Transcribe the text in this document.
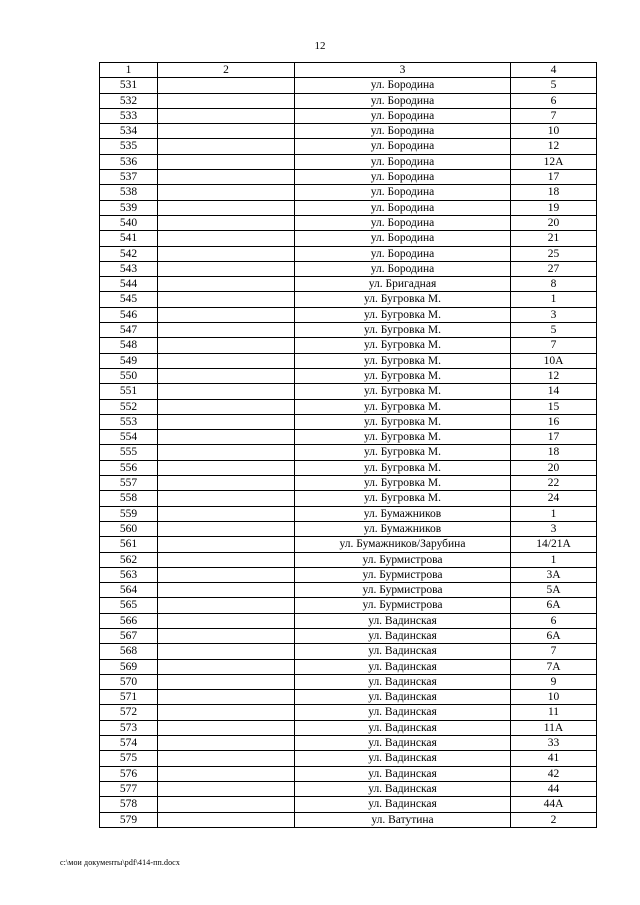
12
1	2	3	4
531		ул. Бородина	5
532		ул. Бородина	6
533		ул. Бородина	7
534		ул. Бородина	10
535		ул. Бородина	12
536		ул. Бородина	12А
537		ул. Бородина	17
538		ул. Бородина	18
539		ул. Бородина	19
540		ул. Бородина	20
541		ул. Бородина	21
542		ул. Бородина	25
543		ул. Бородина	27
544		ул. Бригадная	8
545		ул. Бугровка М.	1
546		ул. Бугровка М.	3
547		ул. Бугровка М.	5
548		ул. Бугровка М.	7
549		ул. Бугровка М.	10А
550		ул. Бугровка М.	12
551		ул. Бугровка М.	14
552		ул. Бугровка М.	15
553		ул. Бугровка М.	16
554		ул. Бугровка М.	17
555		ул. Бугровка М.	18
556		ул. Бугровка М.	20
557		ул. Бугровка М.	22
558		ул. Бугровка М.	24
559		ул. Бумажников	1
560		ул. Бумажников	3
561		ул. Бумажников/Зарубина	14/21А
562		ул. Бурмистрова	1
563		ул. Бурмистрова	3А
564		ул. Бурмистрова	5А
565		ул. Бурмистрова	6А
566		ул. Вадинская	6
567		ул. Вадинская	6А
568		ул. Вадинская	7
569		ул. Вадинская	7А
570		ул. Вадинская	9
571		ул. Вадинская	10
572		ул. Вадинская	11
573		ул. Вадинская	11А
574		ул. Вадинская	33
575		ул. Вадинская	41
576		ул. Вадинская	42
577		ул. Вадинская	44
578		ул. Вадинская	44А
579		ул. Ватутина	2
c:\мои документы\pdf\414-пп.docx
